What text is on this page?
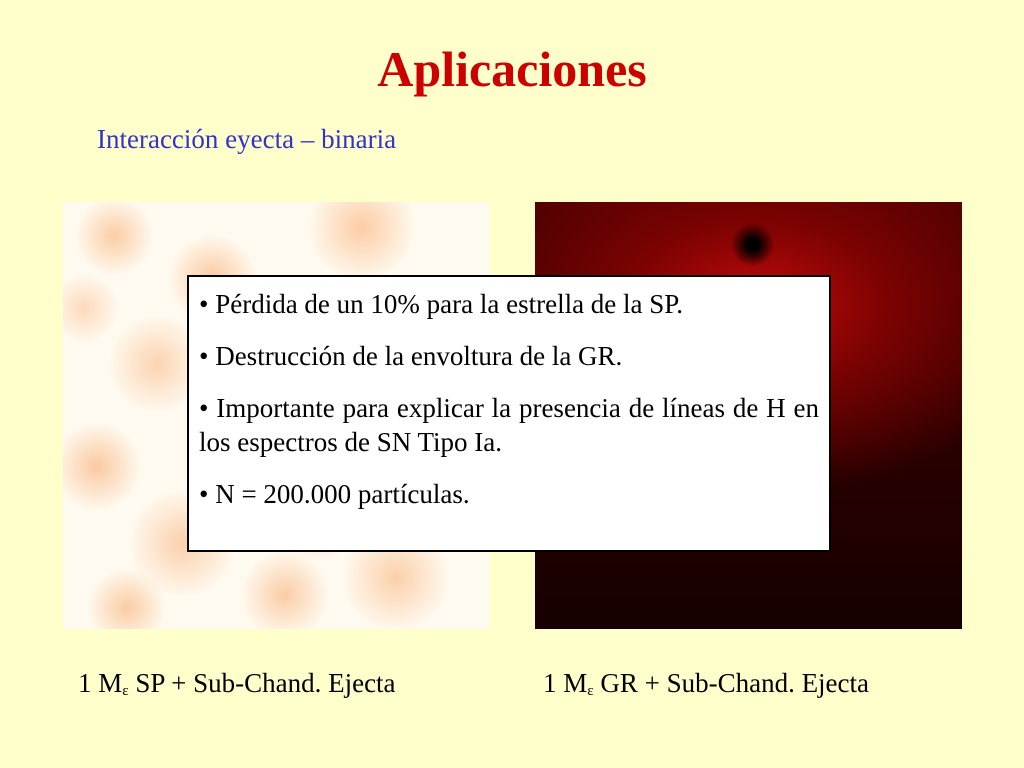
Aplicaciones
Interacción eyecta – binaria
• Pérdida de un 10% para la estrella de la SP.
• Destrucción de la envoltura de la GR.
• Importante para explicar la presencia de líneas de H en los espectros de SN Tipo Ia.
• N = 200.000 partículas.
1 $M_\varepsilon$ SP + Sub-Chand. Ejecta	1 $M_\varepsilon$ GR + Sub-Chand. Ejecta
